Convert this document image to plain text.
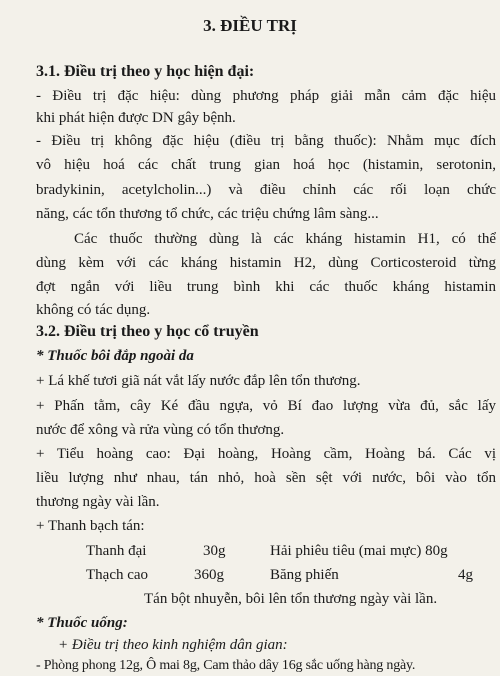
3. ĐIỀU TRỊ
3.1. Điều trị theo y học hiện đại:
- Điều trị đặc hiệu: dùng phương pháp giải mẫn cảm đặc hiệu
khi phát hiện được DN gây bệnh.
- Điều trị không đặc hiệu (điều trị bằng thuốc): Nhằm mục đích
vô hiệu hoá các chất trung gian hoá học (histamin, serotonin,
bradykinin, acetylcholin...) và điều chỉnh các rối loạn chức
năng, các tổn thương tổ chức, các triệu chứng lâm sàng...
Các thuốc thường dùng là các kháng histamin H1, có thể
dùng kèm với các kháng histamin H2, dùng Corticosteroid từng
đợt ngắn với liều trung bình khi các thuốc kháng histamin
không có tác dụng.
3.2. Điều trị theo y học cổ truyền
* Thuốc bôi đắp ngoài da
+ Lá khế tươi giã nát vắt lấy nước đắp lên tổn thương.
+ Phấn tằm, cây Ké đầu ngựa, vỏ Bí đao lượng vừa đủ, sắc lấy
nước để xông và rửa vùng có tổn thương.
+ Tiểu hoàng cao: Đại hoàng, Hoàng cầm, Hoàng bá. Các vị
liều lượng như nhau, tán nhỏ, hoà sền sệt với nước, bôi vào tổn
thương ngày vài lần.
+ Thanh bạch tán:
Thanh đại	30g	Hải phiêu tiêu (mai mực) 80g
Thạch cao	360g	Băng phiến	4g
Tán bột nhuyễn, bôi lên tổn thương ngày vài lần.
* Thuốc uống:
+ Điều trị theo kinh nghiệm dân gian:
- Phòng phong 12g, Ô mai 8g, Cam thảo dây 16g sắc uống hàng ngày.
